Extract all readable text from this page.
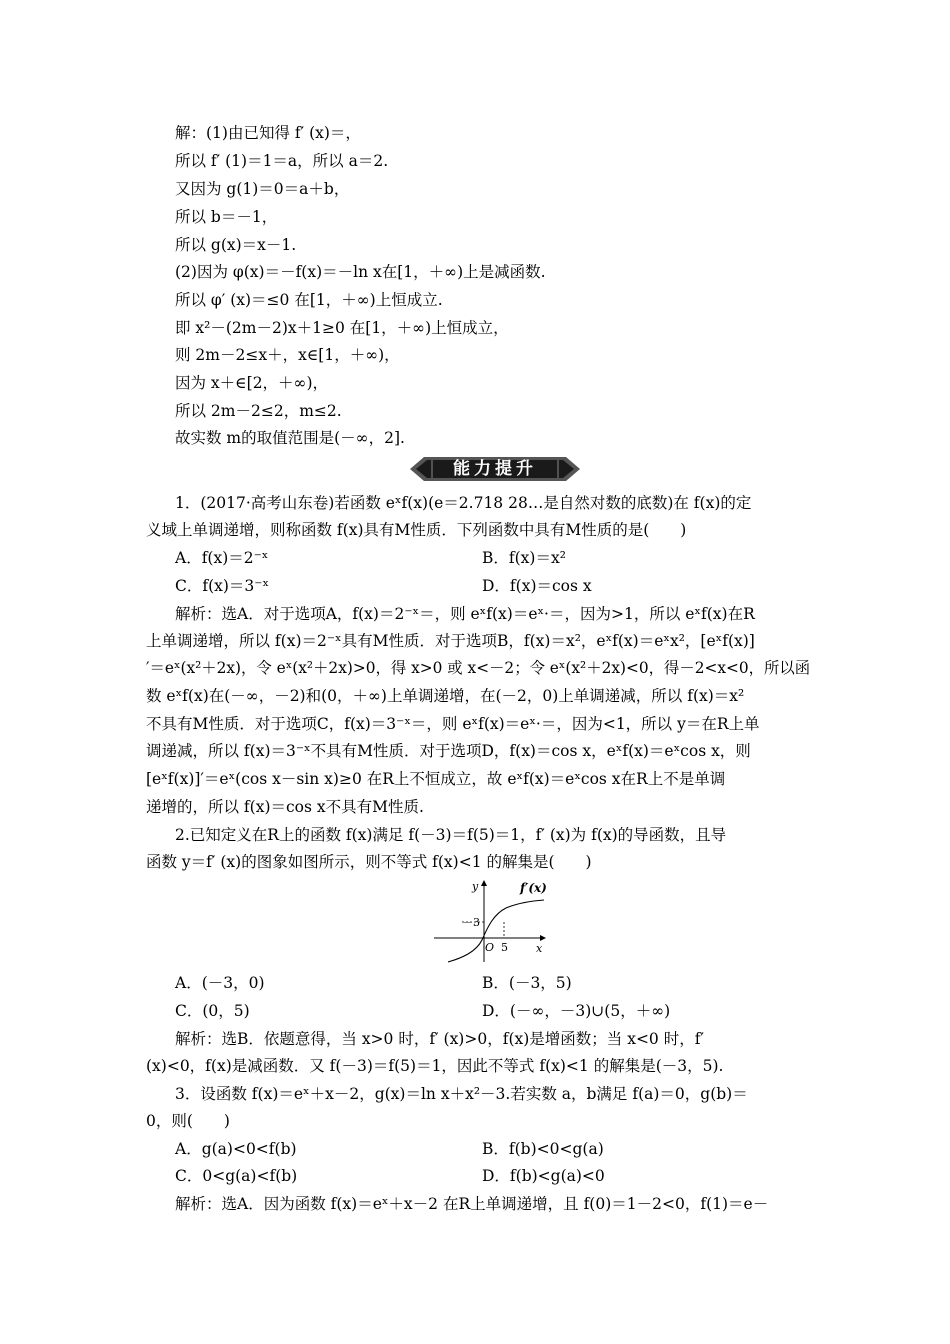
解：(1)由已知得 f′ (x)＝，
所以 f′ (1)＝1＝a，所以 a＝2.
又因为 g(1)＝0＝a＋b，
所以 b＝－1，
所以 g(x)＝x－1.
(2)因为 φ(x)＝－f(x)＝－ln x在[1，＋∞)上是减函数.
所以 φ′ (x)＝≤0 在[1，＋∞)上恒成立.
即 x²－(2m－2)x＋1≥0 在[1，＋∞)上恒成立，
则 2m－2≤x＋，x∈[1，＋∞)，
因为 x＋∈[2，＋∞)，
所以 2m－2≤2，m≤2.
故实数 m的取值范围是(－∞，2].
能力提升
1．(2017·高考山东卷)若函数 eˣf(x)(e＝2.718 28…是自然对数的底数)在 f(x)的定
义域上单调递增，则称函数 f(x)具有M性质．下列函数中具有M性质的是(　　)
A．f(x)＝2⁻ˣ	B．f(x)＝x²
C．f(x)＝3⁻ˣ	D．f(x)＝cos x
解析：选A．对于选项A，f(x)＝2⁻ˣ＝，则 eˣf(x)＝eˣ·＝，因为>1，所以 eˣf(x)在R
上单调递增，所以 f(x)＝2⁻ˣ具有M性质．对于选项B，f(x)＝x²，eˣf(x)＝eˣx²，[eˣf(x)]
′＝eˣ(x²＋2x)，令 eˣ(x²＋2x)>0，得 x>0 或 x<－2；令 eˣ(x²＋2x)<0，得－2<x<0，所以函
数 eˣf(x)在(－∞，－2)和(0，＋∞)上单调递增，在(－2，0)上单调递减，所以 f(x)＝x²
不具有M性质．对于选项C，f(x)＝3⁻ˣ＝，则 eˣf(x)＝eˣ·＝，因为<1，所以 y＝在R上单
调递减，所以 f(x)＝3⁻ˣ不具有M性质．对于选项D，f(x)＝cos x，eˣf(x)＝eˣcos x，则
[eˣf(x)]′＝eˣ(cos x－sin x)≥0 在R上不恒成立，故 eˣf(x)＝eˣcos x在R上不是单调
递增的，所以 f(x)＝cos x不具有M性质.
2.已知定义在R上的函数 f(x)满足 f(－3)＝f(5)＝1，f′ (x)为 f(x)的导函数，且导
函数 y＝f′ (x)的图象如图所示，则不等式 f(x)<1 的解集是(　　)
f′(x)
y
x
－3
O 5
A．(－3，0)	B．(－3，5)
C．(0，5)	D．(－∞，－3)∪(5，＋∞)
解析：选B．依题意得，当 x>0 时，f′ (x)>0，f(x)是增函数；当 x<0 时，f′
(x)<0，f(x)是减函数．又 f(－3)＝f(5)＝1，因此不等式 f(x)<1 的解集是(－3，5).
3．设函数 f(x)＝eˣ＋x－2，g(x)＝ln x＋x²－3.若实数 a，b满足 f(a)＝0，g(b)＝
0，则(　　)
A．g(a)<0<f(b)	B．f(b)<0<g(a)
C．0<g(a)<f(b)	D．f(b)<g(a)<0
解析：选A．因为函数 f(x)＝eˣ＋x－2 在R上单调递增，且 f(0)＝1－2<0，f(1)＝e－
